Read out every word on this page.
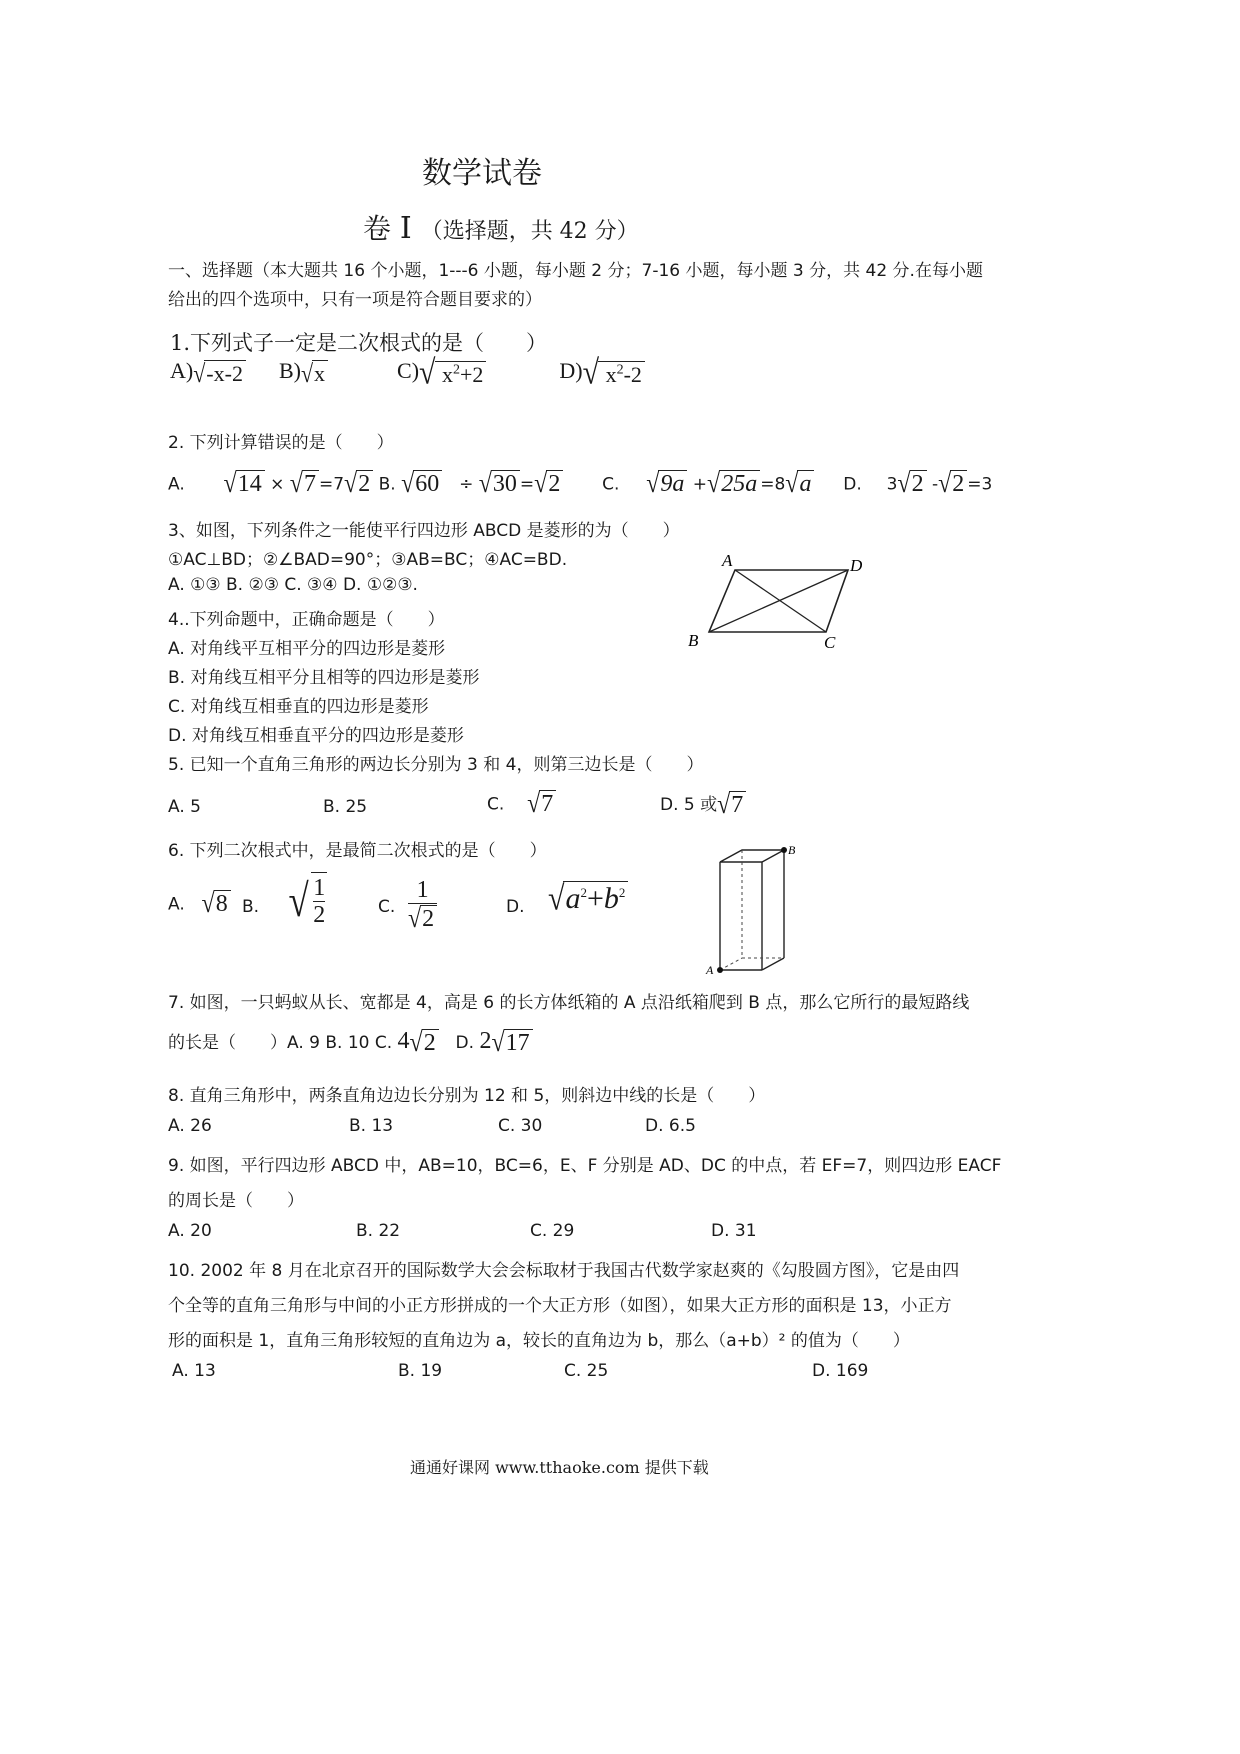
数学试卷
卷 Ⅰ （选择题，共 42 分）
一、选择题（本大题共 16 个小题，1---6 小题，每小题 2 分；7-16 小题，每小题 3 分，共 42 分.在每小题
给出的四个选项中，只有一项是符合题目要求的）
1.下列式子一定是二次根式的是（　　）
A)√-x-2 B)√x	C)√ $x^2+2$	D)√ $x^2-2$
2. 下列计算错误的是（　　）
A. √14 × √7 =7√2 B. √60 ÷ √30 =√2 C. √9a +√25a =8√a D. 3√2 -√2 =3
3、如图，下列条件之一能使平行四边形 ABCD 是菱形的为（　　）
①AC⊥BD；②∠BAD=90°；③AB=BC；④AC=BD.
A. ①③ B. ②③ C. ③④ D. ①②③.
A	D
B	C
4..下列命题中，正确命题是（　　）
A. 对角线平互相平分的四边形是菱形
B. 对角线互相平分且相等的四边形是菱形
C. 对角线互相垂直的四边形是菱形
D. 对角线互相垂直平分的四边形是菱形
5. 已知一个直角三角形的两边长分别为 3 和 4，则第三边长是（　　）
A. 5	B. 25	C. √7	D. 5 或√7
6. 下列二次根式中，是最简二次根式的是（　　）
A. √8 B. √ $\frac{1}{2}$	C. $\frac{1}{√2}$	D. $√a^2+b^2$
B
A
7. 如图，一只蚂蚁从长、宽都是 4，高是 6 的长方体纸箱的 A 点沿纸箱爬到 B 点，那么它所行的最短路线
的长是（　　）A. 9 B. 10 C. 4√2 D. 2√17
8. 直角三角形中，两条直角边边长分别为 12 和 5，则斜边中线的长是（　　）
A. 26	B. 13	C. 30	D. 6.5
9. 如图，平行四边形 ABCD 中，AB=10，BC=6，E、F 分别是 AD、DC 的中点，若 EF=7，则四边形 EACF
的周长是（　　）
A. 20	B. 22	C. 29	D. 31
10. 2002 年 8 月在北京召开的国际数学大会会标取材于我国古代数学家赵爽的《勾股圆方图》，它是由四
个全等的直角三角形与中间的小正方形拼成的一个大正方形（如图），如果大正方形的面积是 13，小正方
形的面积是 1，直角三角形较短的直角边为 a，较长的直角边为 b，那么（a+b）² 的值为（　　）
A. 13	B. 19	C. 25	D. 169
通通好课网 www.tthaoke.com 提供下载
